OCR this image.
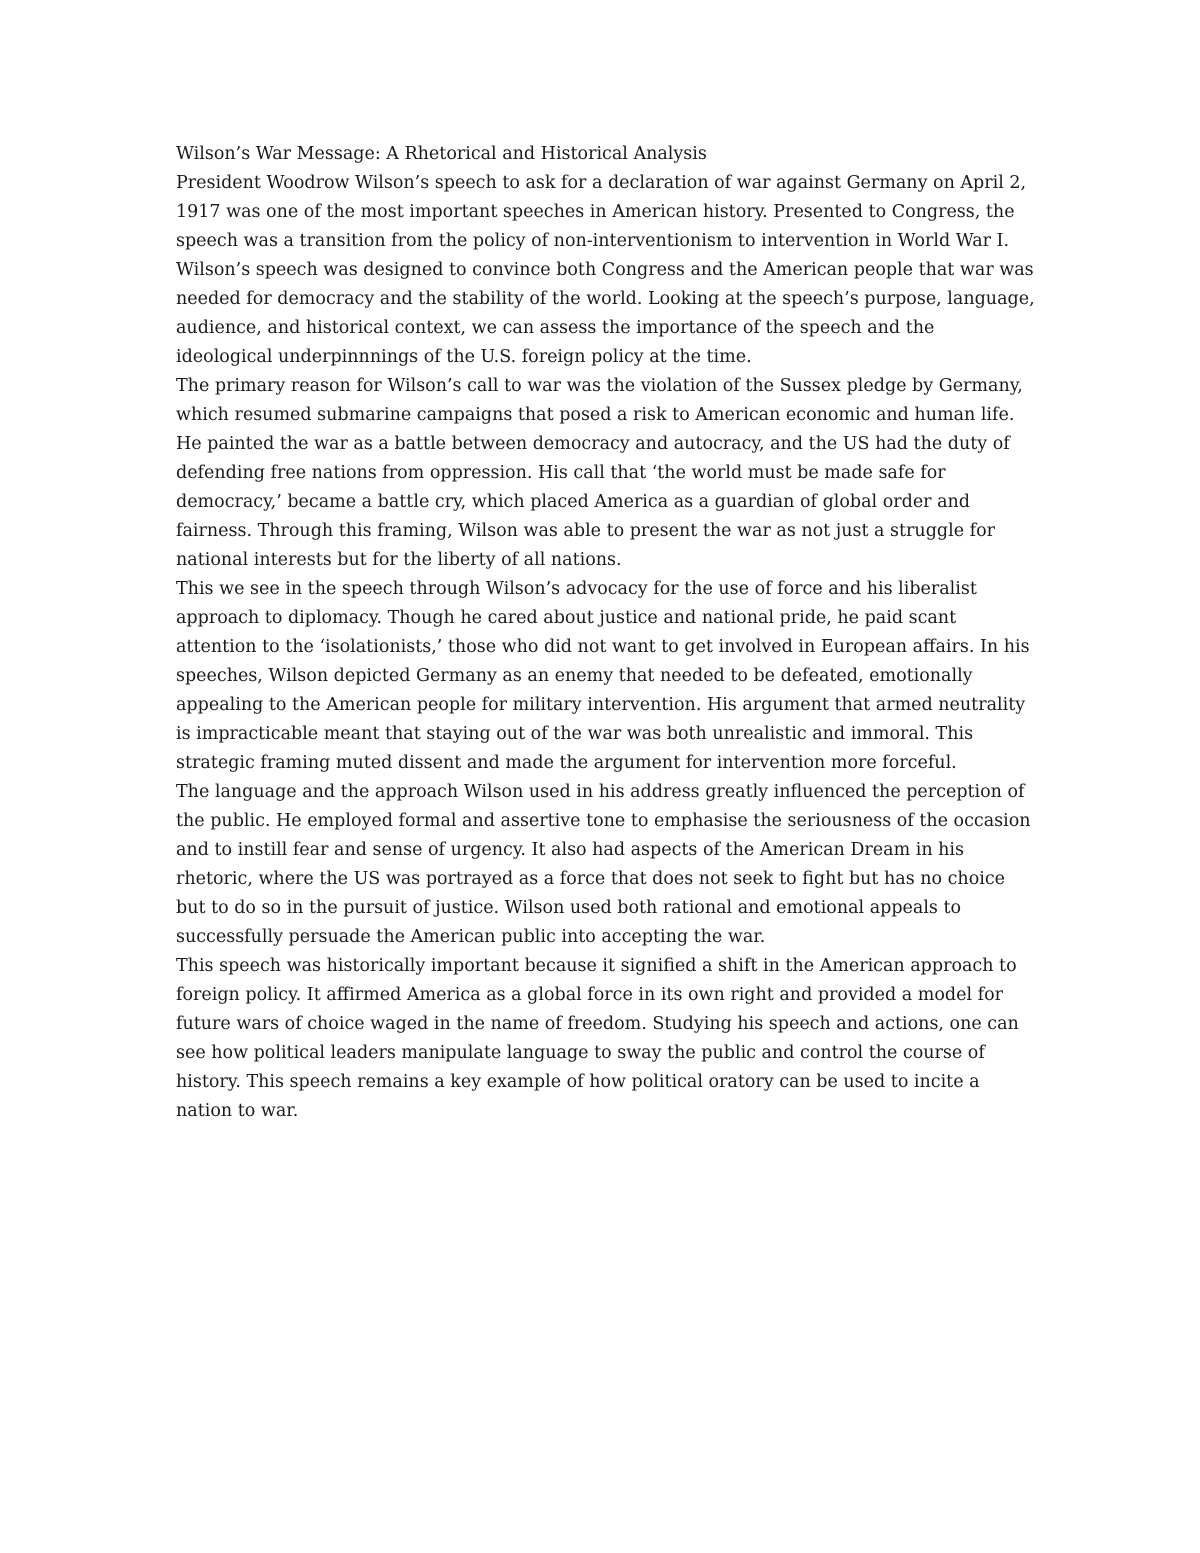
Wilson’s War Message: A Rhetorical and Historical Analysis

President Woodrow Wilson’s speech to ask for a declaration of war against Germany on April 2, 1917 was one of the most important speeches in American history. Presented to Congress, the speech was a transition from the policy of non-interventionism to intervention in World War I. Wilson’s speech was designed to convince both Congress and the American people that war was needed for democracy and the stability of the world. Looking at the speech’s purpose, language, audience, and historical context, we can assess the importance of the speech and the ideological underpinnnings of the U.S. foreign policy at the time.

The primary reason for Wilson’s call to war was the violation of the Sussex pledge by Germany, which resumed submarine campaigns that posed a risk to American economic and human life. He painted the war as a battle between democracy and autocracy, and the US had the duty of defending free nations from oppression. His call that ‘the world must be made safe for democracy,’ became a battle cry, which placed America as a guardian of global order and fairness. Through this framing, Wilson was able to present the war as not just a struggle for national interests but for the liberty of all nations.

This we see in the speech through Wilson’s advocacy for the use of force and his liberalist approach to diplomacy. Though he cared about justice and national pride, he paid scant attention to the ‘isolationists,’ those who did not want to get involved in European affairs. In his speeches, Wilson depicted Germany as an enemy that needed to be defeated, emotionally appealing to the American people for military intervention. His argument that armed neutrality is impracticable meant that staying out of the war was both unrealistic and immoral. This strategic framing muted dissent and made the argument for intervention more forceful.

The language and the approach Wilson used in his address greatly influenced the perception of the public. He employed formal and assertive tone to emphasise the seriousness of the occasion and to instill fear and sense of urgency. It also had aspects of the American Dream in his rhetoric, where the US was portrayed as a force that does not seek to fight but has no choice but to do so in the pursuit of justice. Wilson used both rational and emotional appeals to successfully persuade the American public into accepting the war.

This speech was historically important because it signified a shift in the American approach to foreign policy. It affirmed America as a global force in its own right and provided a model for future wars of choice waged in the name of freedom. Studying his speech and actions, one can see how political leaders manipulate language to sway the public and control the course of history. This speech remains a key example of how political oratory can be used to incite a nation to war.
